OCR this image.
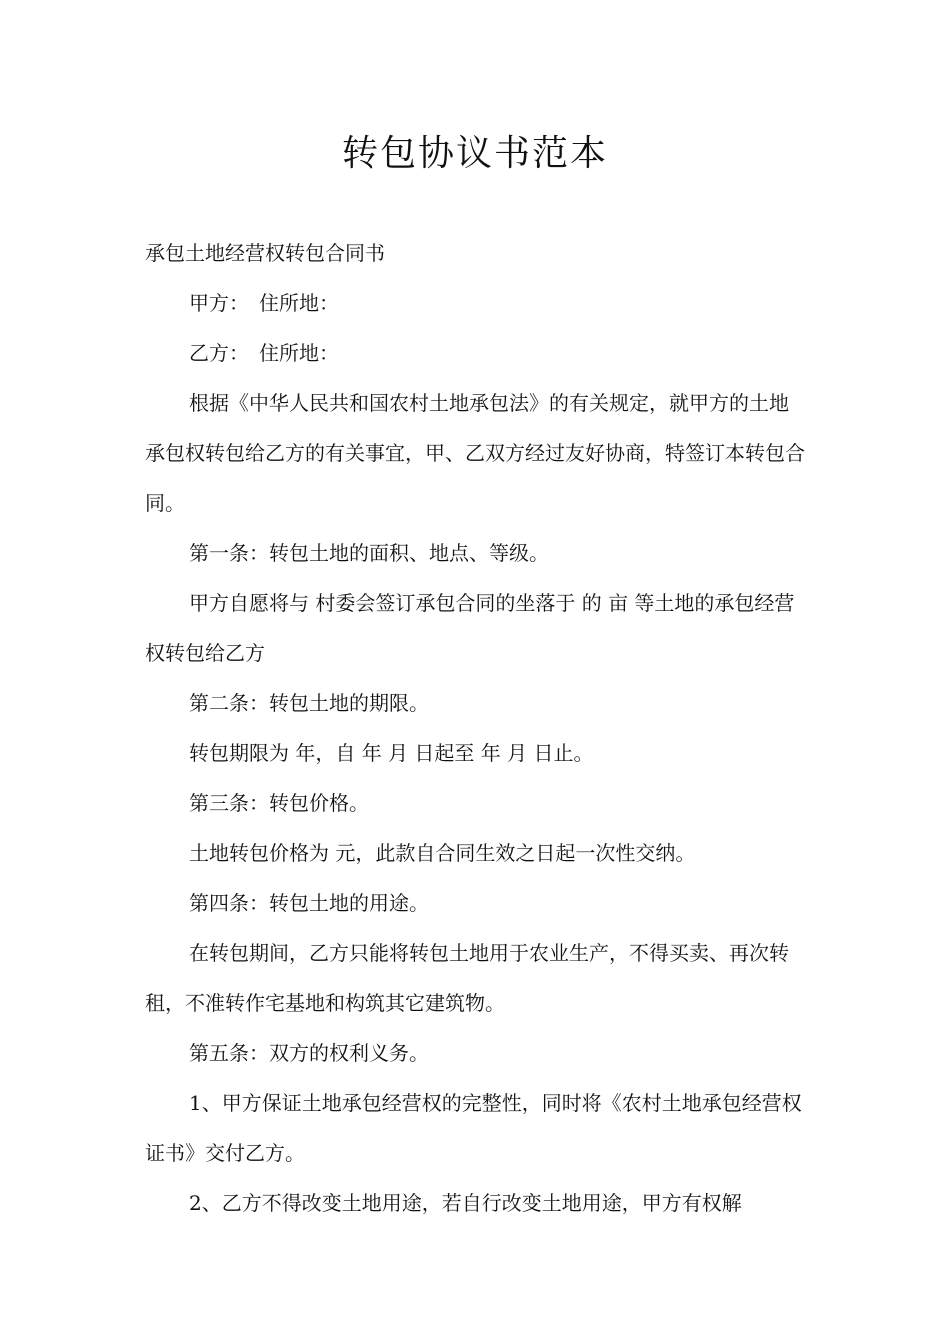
转包协议书范本

承包土地经营权转包合同书

甲方：　住所地：

乙方：　住所地：

根据《中华人民共和国农村土地承包法》的有关规定，就甲方的土地承包权转包给乙方的有关事宜，甲、乙双方经过友好协商，特签订本转包合同。

第一条：转包土地的面积、地点、等级。

甲方自愿将与 村委会签订承包合同的坐落于 的 亩 等土地的承包经营权转包给乙方

第二条：转包土地的期限。

转包期限为 年，自 年 月 日起至 年 月 日止。

第三条：转包价格。

土地转包价格为 元，此款自合同生效之日起一次性交纳。

第四条：转包土地的用途。

在转包期间，乙方只能将转包土地用于农业生产，不得买卖、再次转租，不准转作宅基地和构筑其它建筑物。

第五条：双方的权利义务。

1、甲方保证土地承包经营权的完整性，同时将《农村土地承包经营权证书》交付乙方。

2、乙方不得改变土地用途，若自行改变土地用途，甲方有权解
